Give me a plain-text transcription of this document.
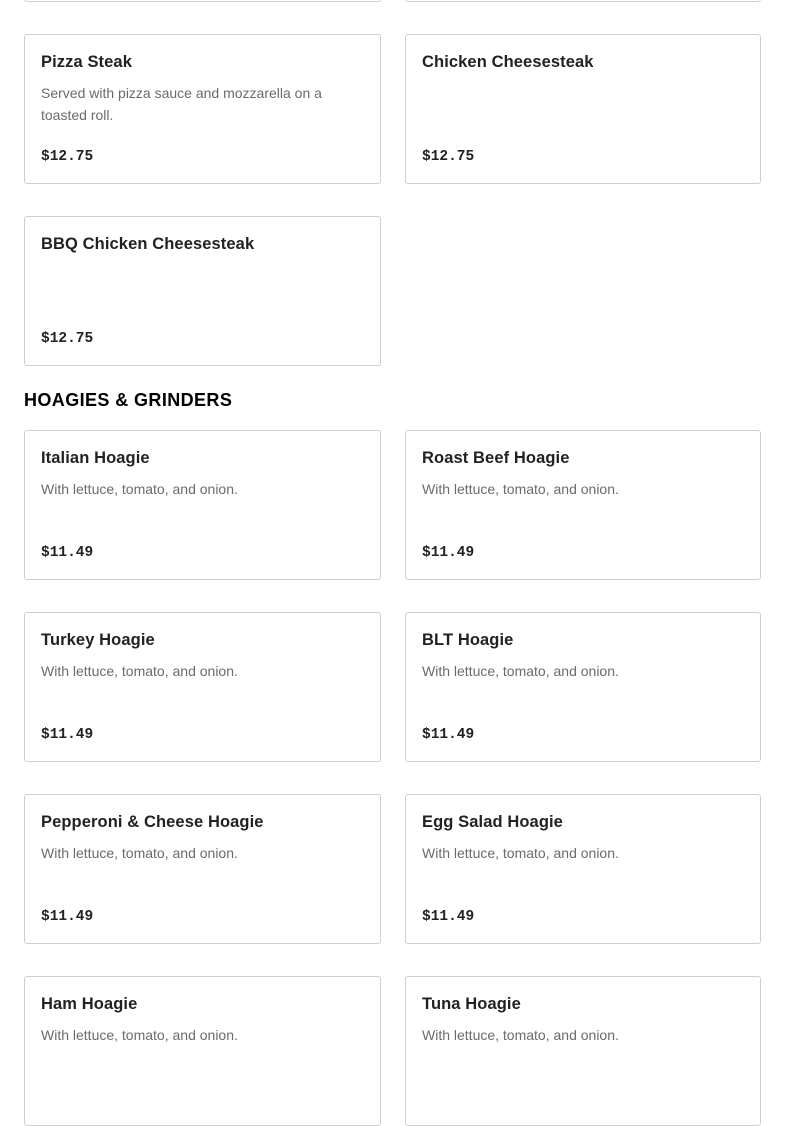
Pizza Steak
Served with pizza sauce and mozzarella on a toasted roll.
$12.75
Chicken Cheesesteak
$12.75
BBQ Chicken Cheesesteak
$12.75
HOAGIES & GRINDERS
Italian Hoagie
With lettuce, tomato, and onion.
$11.49
Roast Beef Hoagie
With lettuce, tomato, and onion.
$11.49
Turkey Hoagie
With lettuce, tomato, and onion.
$11.49
BLT Hoagie
With lettuce, tomato, and onion.
$11.49
Pepperoni & Cheese Hoagie
With lettuce, tomato, and onion.
$11.49
Egg Salad Hoagie
With lettuce, tomato, and onion.
$11.49
Ham Hoagie
With lettuce, tomato, and onion.
Tuna Hoagie
With lettuce, tomato, and onion.
